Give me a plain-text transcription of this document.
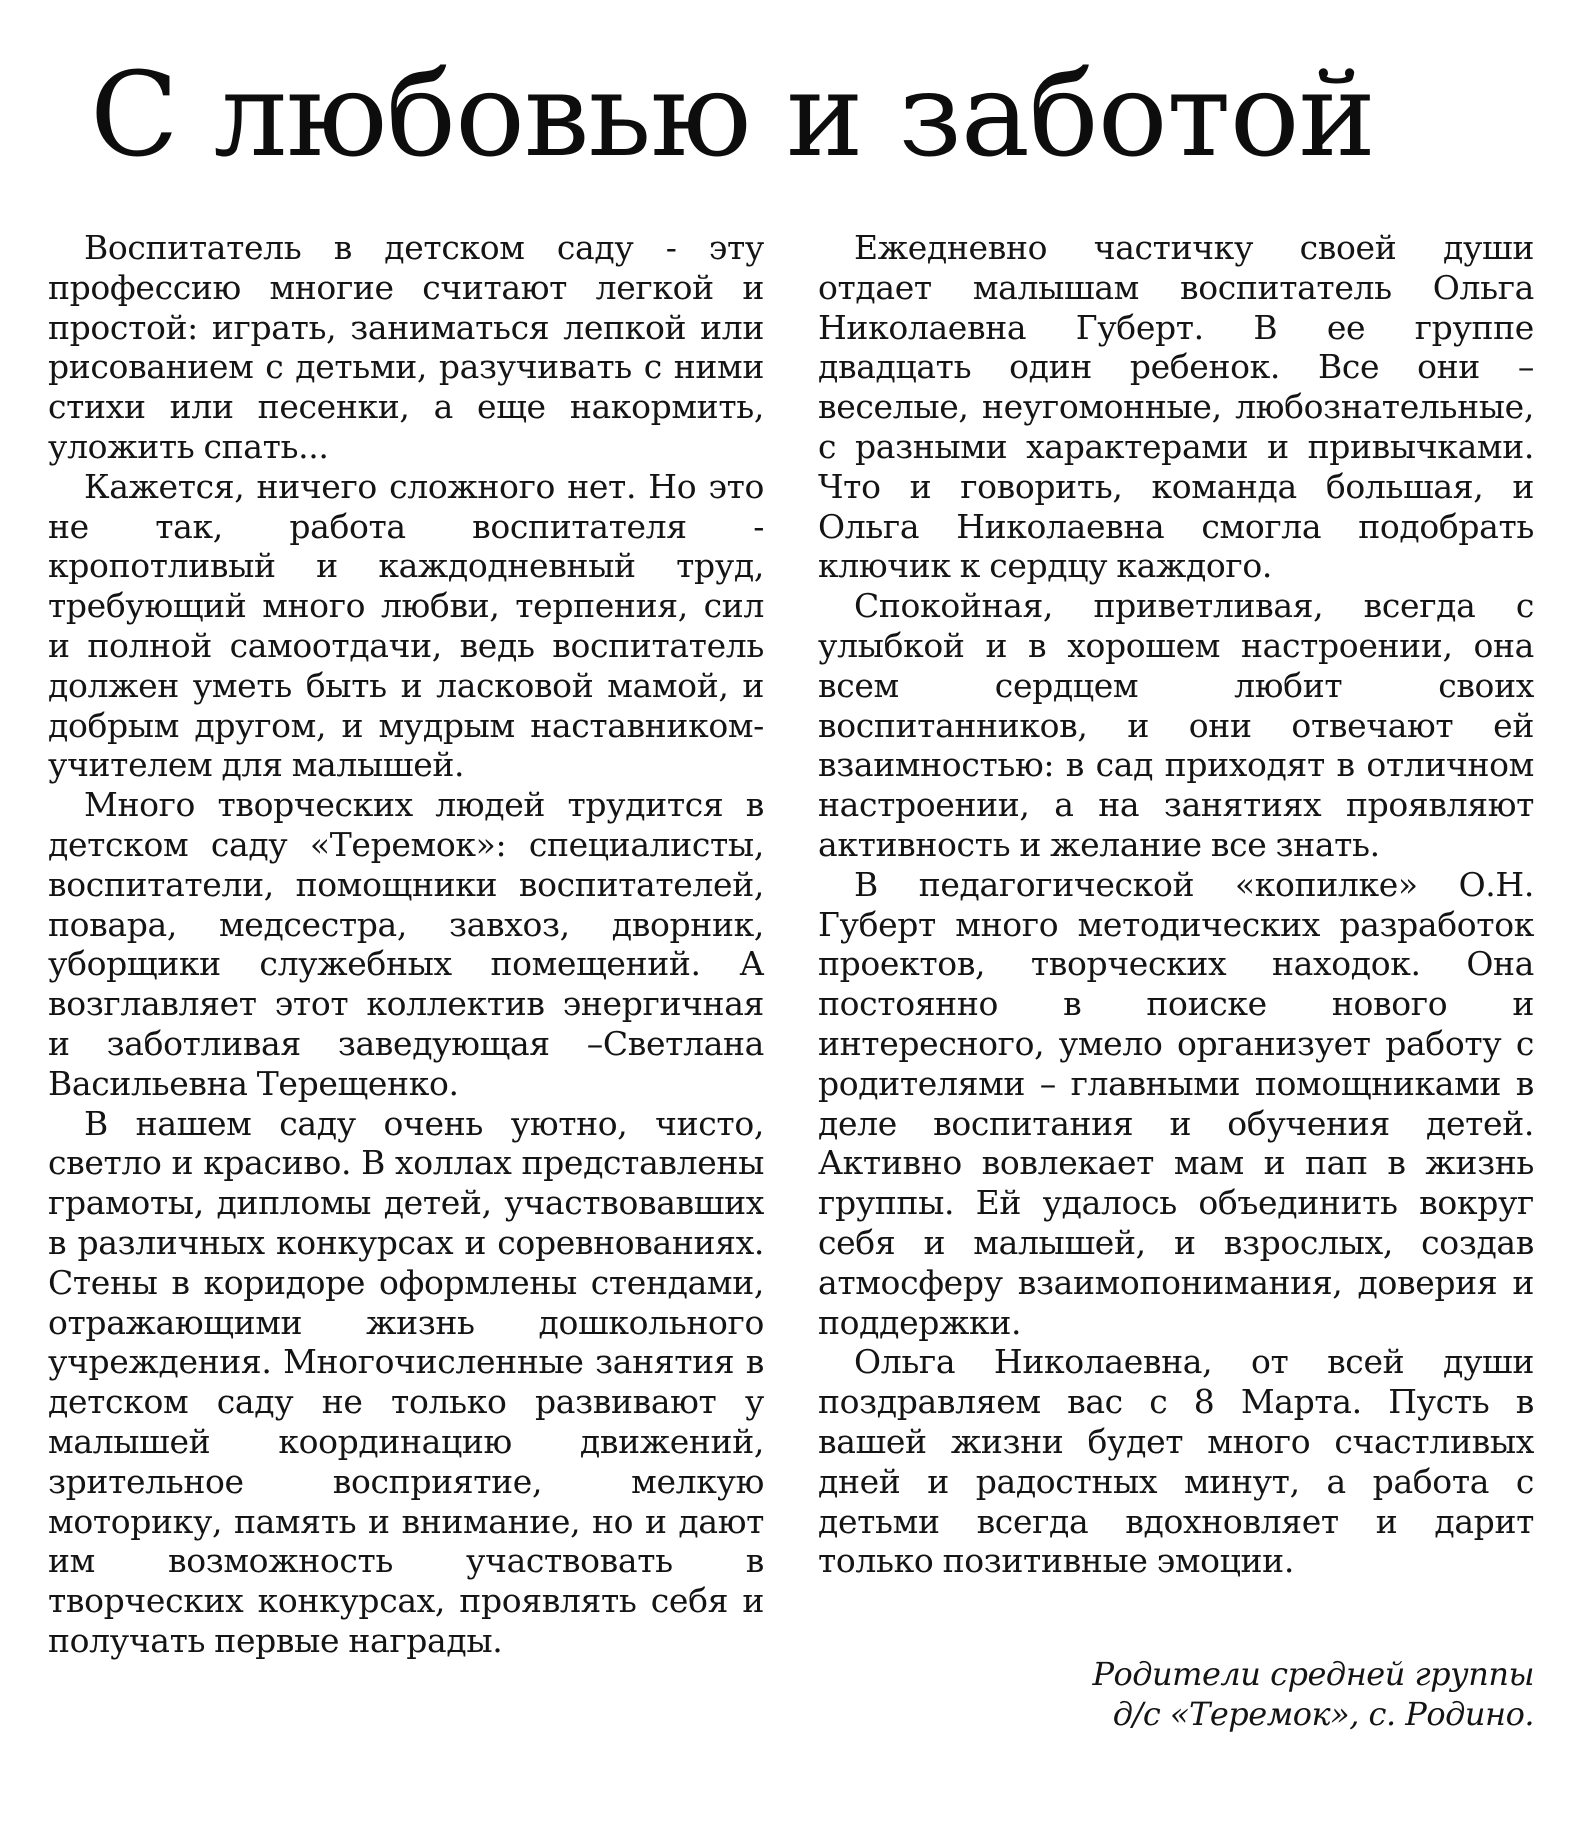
С любовью и заботой

Воспитатель в детском саду - эту профессию многие считают легкой и простой: играть, заниматься лепкой или рисованием с детьми, разучивать с ними стихи или песенки, а еще накормить, уложить спать...

Кажется, ничего сложного нет. Но это не так, работа воспитателя - кропотливый и каждодневный труд, требующий много любви, терпения, сил и полной самоотдачи, ведь воспитатель должен уметь быть и ласковой мамой, и добрым другом, и мудрым наставником-учителем для малышей.

Много творческих людей трудится в детском саду «Теремок»: специалисты, воспитатели, помощники воспитателей, повара, медсестра, завхоз, дворник, уборщики служебных помещений. А возглавляет этот коллектив энергичная и заботливая заведующая –Светлана Васильевна Терещенко.

В нашем саду очень уютно, чисто, светло и красиво. В холлах представлены грамоты, дипломы детей, участвовавших в различных конкурсах и соревнованиях. Стены в коридоре оформлены стендами, отражающими жизнь дошкольного учреждения. Многочисленные занятия в детском саду не только развивают у малышей координацию движений, зрительное восприятие, мелкую моторику, память и внимание, но и дают им возможность участвовать в творческих конкурсах, проявлять себя и получать первые награды.

Ежедневно частичку своей души отдает малышам воспитатель Ольга Николаевна Губерт. В ее группе двадцать один ребенок. Все они – веселые, неугомонные, любознательные, с разными характерами и привычками. Что и говорить, команда большая, и Ольга Николаевна смогла подобрать ключик к сердцу каждого.

Спокойная, приветливая, всегда с улыбкой и в хорошем настроении, она всем сердцем любит своих воспитанников, и они отвечают ей взаимностью: в сад приходят в отличном настроении, а на занятиях проявляют активность и желание все знать.

В педагогической «копилке» О.Н. Губерт много методических разработок проектов, творческих находок. Она постоянно в поиске нового и интересного, умело организует работу с родителями – главными помощниками в деле воспитания и обучения детей. Активно вовлекает мам и пап в жизнь группы. Ей удалось объединить вокруг себя и малышей, и взрослых, создав атмосферу взаимопонимания, доверия и поддержки.

Ольга Николаевна, от всей души поздравляем вас с 8 Марта. Пусть в вашей жизни будет много счастливых дней и радостных минут, а работа с детьми всегда вдохновляет и дарит только позитивные эмоции.

Родители средней группы
д/с «Теремок», с. Родино.
